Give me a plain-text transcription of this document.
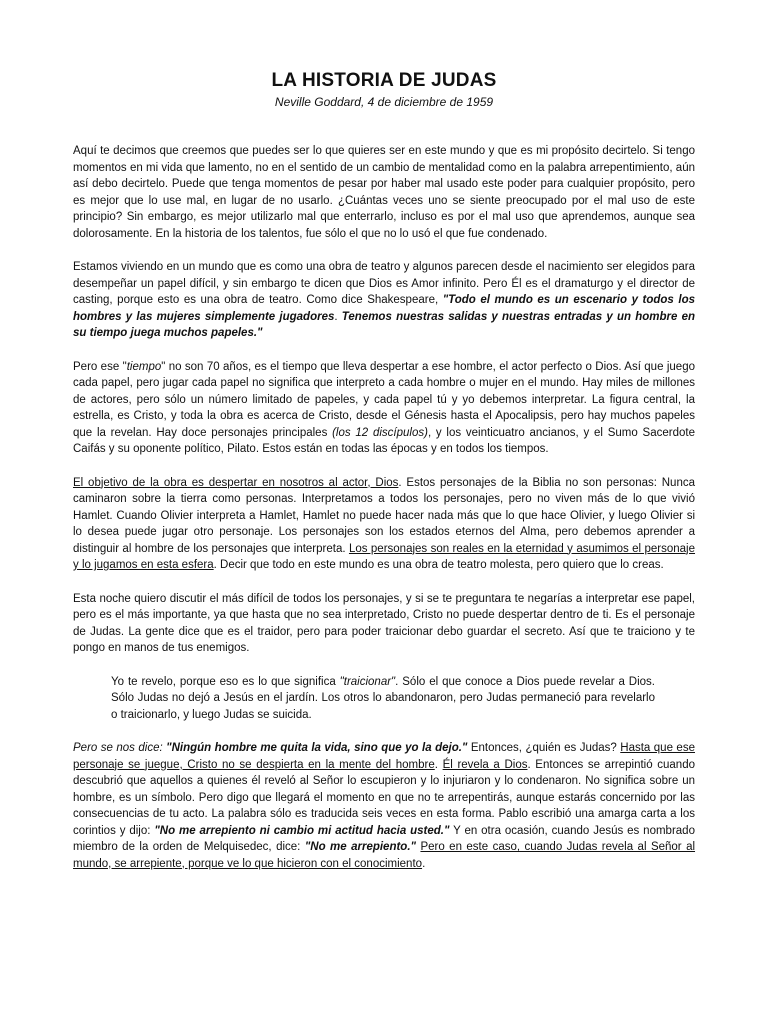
LA HISTORIA DE JUDAS
Neville Goddard, 4 de diciembre de 1959

Aquí te decimos que creemos que puedes ser lo que quieres ser en este mundo y que es mi propósito decirtelo. Si tengo momentos en mi vida que lamento, no en el sentido de un cambio de mentalidad como en la palabra arrepentimiento, aún así debo decirtelo. Puede que tenga momentos de pesar por haber mal usado este poder para cualquier propósito, pero es mejor que lo use mal, en lugar de no usarlo. ¿Cuántas veces uno se siente preocupado por el mal uso de este principio? Sin embargo, es mejor utilizarlo mal que enterrarlo, incluso es por el mal uso que aprendemos, aunque sea dolorosamente. En la historia de los talentos, fue sólo el que no lo usó el que fue condenado.

Estamos viviendo en un mundo que es como una obra de teatro y algunos parecen desde el nacimiento ser elegidos para desempeñar un papel difícil, y sin embargo te dicen que Dios es Amor infinito. Pero Él es el dramaturgo y el director de casting, porque esto es una obra de teatro. Como dice Shakespeare, "Todo el mundo es un escenario y todos los hombres y las mujeres simplemente jugadores. Tenemos nuestras salidas y nuestras entradas y un hombre en su tiempo juega muchos papeles."

Pero ese "tiempo" no son 70 años, es el tiempo que lleva despertar a ese hombre, el actor perfecto o Dios. Así que juego cada papel, pero jugar cada papel no significa que interpreto a cada hombre o mujer en el mundo. Hay miles de millones de actores, pero sólo un número limitado de papeles, y cada papel tú y yo debemos interpretar. La figura central, la estrella, es Cristo, y toda la obra es acerca de Cristo, desde el Génesis hasta el Apocalipsis, pero hay muchos papeles que la revelan. Hay doce personajes principales (los 12 discípulos), y los veinticuatro ancianos, y el Sumo Sacerdote Caifás y su oponente político, Pilato. Estos están en todas las épocas y en todos los tiempos.

El objetivo de la obra es despertar en nosotros al actor, Dios. Estos personajes de la Biblia no son personas: Nunca caminaron sobre la tierra como personas. Interpretamos a todos los personajes, pero no viven más de lo que vivió Hamlet. Cuando Olivier interpreta a Hamlet, Hamlet no puede hacer nada más que lo que hace Olivier, y luego Olivier si lo desea puede jugar otro personaje. Los personajes son los estados eternos del Alma, pero debemos aprender a distinguir al hombre de los personajes que interpreta. Los personajes son reales en la eternidad y asumimos el personaje y lo jugamos en esta esfera. Decir que todo en este mundo es una obra de teatro molesta, pero quiero que lo creas.

Esta noche quiero discutir el más difícil de todos los personajes, y si se te preguntara te negarías a interpretar ese papel, pero es el más importante, ya que hasta que no sea interpretado, Cristo no puede despertar dentro de ti. Es el personaje de Judas. La gente dice que es el traidor, pero para poder traicionar debo guardar el secreto. Así que te traiciono y te pongo en manos de tus enemigos.

Yo te revelo, porque eso es lo que significa "traicionar". Sólo el que conoce a Dios puede revelar a Dios. Sólo Judas no dejó a Jesús en el jardín. Los otros lo abandonaron, pero Judas permaneció para revelarlo o traicionarlo, y luego Judas se suicida.

Pero se nos dice: "Ningún hombre me quita la vida, sino que yo la dejo." Entonces, ¿quién es Judas? Hasta que ese personaje se juegue, Cristo no se despierta en la mente del hombre. Él revela a Dios. Entonces se arrepintió cuando descubrió que aquellos a quienes él reveló al Señor lo escupieron y lo injuriaron y lo condenaron. No significa sobre un hombre, es un símbolo. Pero digo que llegará el momento en que no te arrepentirás, aunque estarás concernido por las consecuencias de tu acto. La palabra sólo es traducida seis veces en esta forma. Pablo escribió una amarga carta a los corintios y dijo: "No me arrepiento ni cambio mi actitud hacia usted." Y en otra ocasión, cuando Jesús es nombrado miembro de la orden de Melquisedec, dice: "No me arrepiento." Pero en este caso, cuando Judas revela al Señor al mundo, se arrepiente, porque ve lo que hicieron con el conocimiento.
